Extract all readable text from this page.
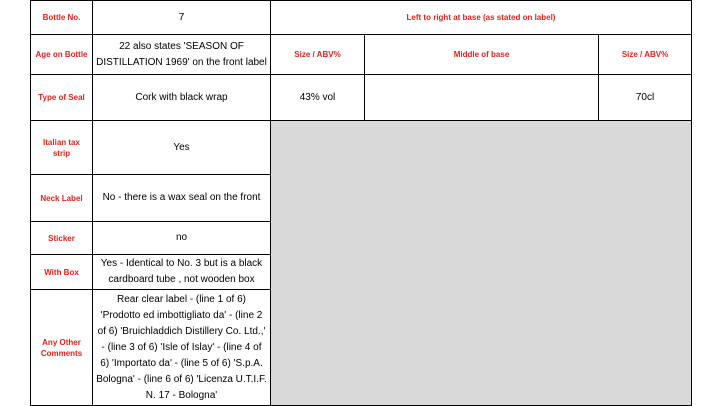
Bottle No.	7	Left to right at base (as stated on label)		
Age on Bottle	22 also states 'SEASON OF DISTILLATION 1969' on the front label	Size / ABV%	Middle of base	Size / ABV%
Type of Seal	Cork with black wrap	43% vol		70cl
Italian tax strip	Yes			
Neck Label	No - there is a wax seal on the front			
Sticker	no			
With Box	Yes - Identical to No. 3 but is a black cardboard tube , not wooden box			
Any Other Comments	Rear clear label - (line 1 of 6) 'Prodotto ed imbottigliato da' - (line 2 of 6) 'Bruichladdich Distillery Co. Ltd.,' - (line 3 of 6) 'Isle of Islay' - (line 4 of 6) 'Importato da' - (line 5 of 6) 'S.p.A. Bologna' - (line 6 of 6) 'Licenza U.T.I.F. N. 17 - Bologna'			
